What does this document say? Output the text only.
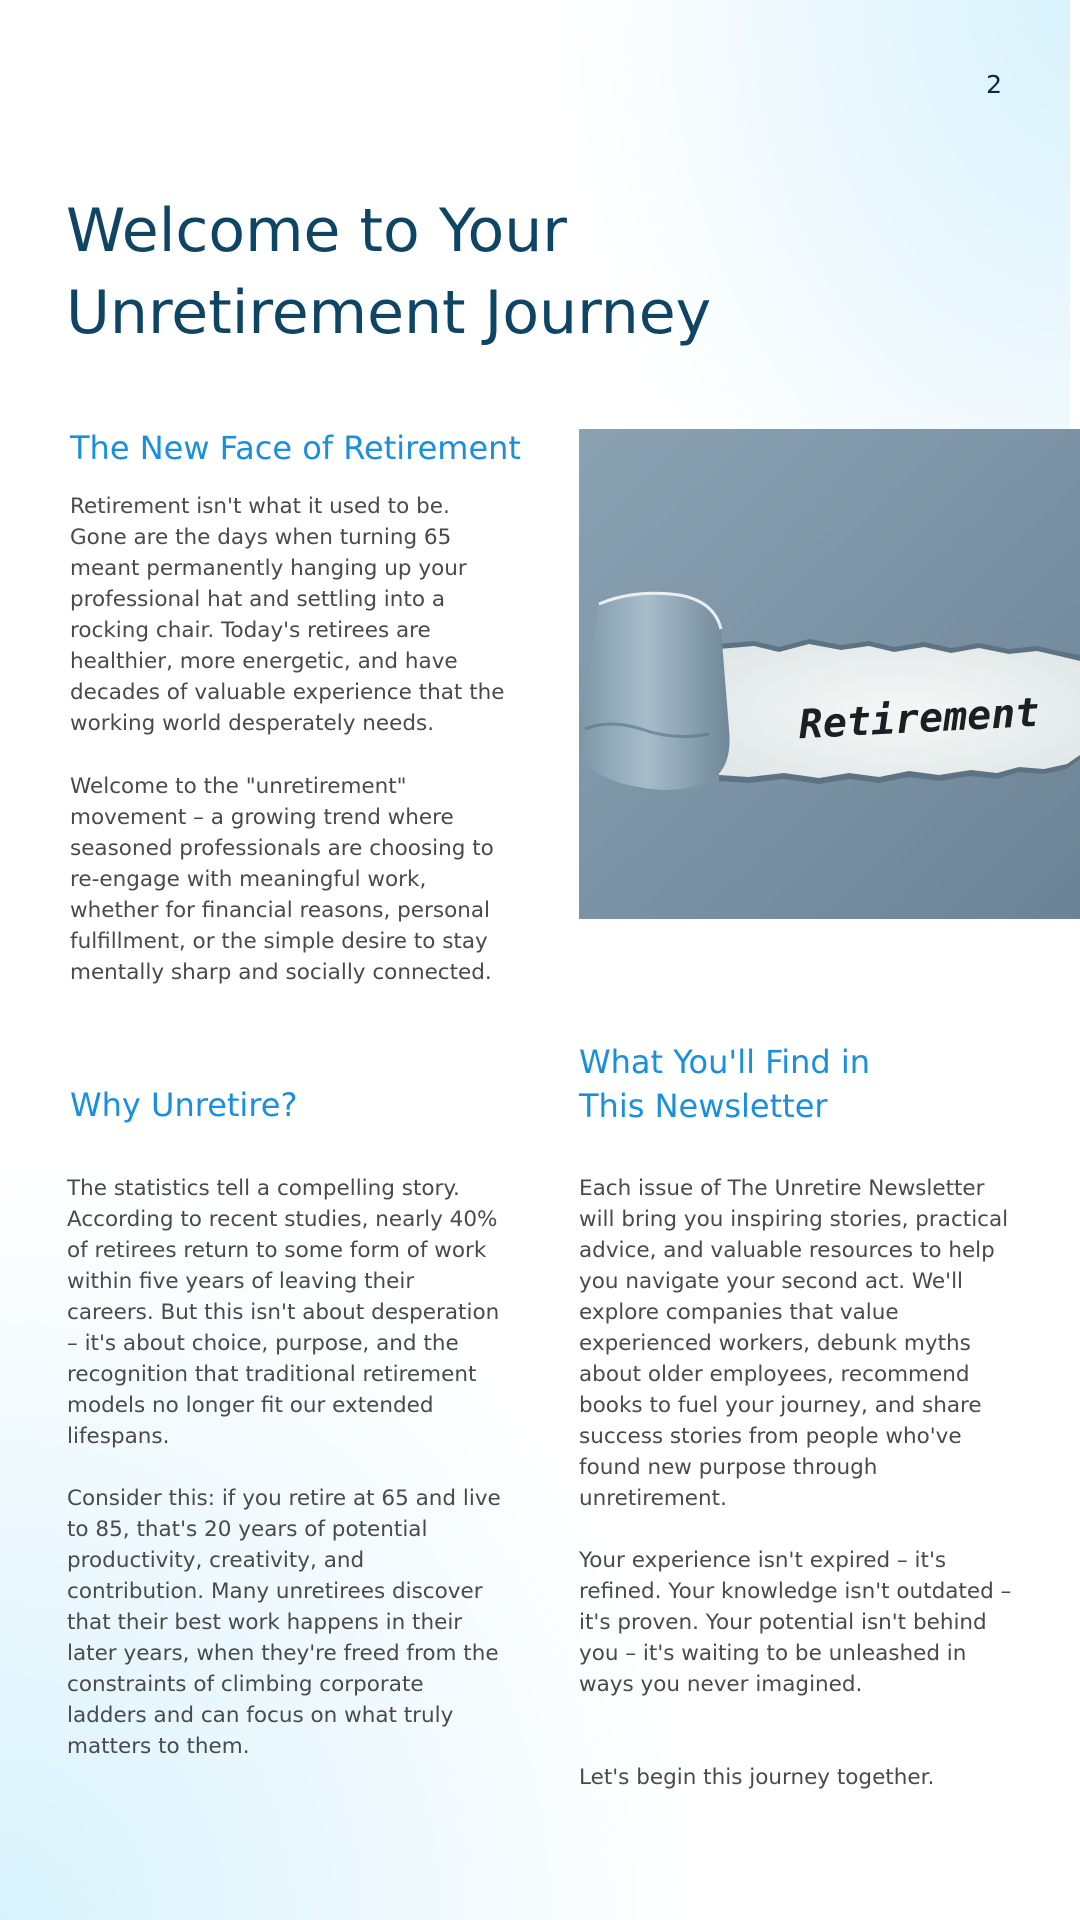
2
Welcome to Your Unretirement Journey
The New Face of Retirement

Retirement isn't what it used to be. Gone are the days when turning 65 meant permanently hanging up your professional hat and settling into a rocking chair. Today's retirees are healthier, more energetic, and have decades of valuable experience that the working world desperately needs.

Welcome to the "unretirement" movement – a growing trend where seasoned professionals are choosing to re-engage with meaningful work, whether for financial reasons, personal fulfillment, or the simple desire to stay mentally sharp and socially connected.

Retirement
Why Unretire?

The statistics tell a compelling story. According to recent studies, nearly 40% of retirees return to some form of work within five years of leaving their careers. But this isn't about desperation – it's about choice, purpose, and the recognition that traditional retirement models no longer fit our extended lifespans.

Consider this: if you retire at 65 and live to 85, that's 20 years of potential productivity, creativity, and contribution. Many unretirees discover that their best work happens in their later years, when they're freed from the constraints of climbing corporate ladders and can focus on what truly matters to them.

What You'll Find in This Newsletter

Each issue of The Unretire Newsletter will bring you inspiring stories, practical advice, and valuable resources to help you navigate your second act. We'll explore companies that value experienced workers, debunk myths about older employees, recommend books to fuel your journey, and share success stories from people who've found new purpose through unretirement.

Your experience isn't expired – it's refined. Your knowledge isn't outdated – it's proven. Your potential isn't behind you – it's waiting to be unleashed in ways you never imagined.

Let's begin this journey together.
